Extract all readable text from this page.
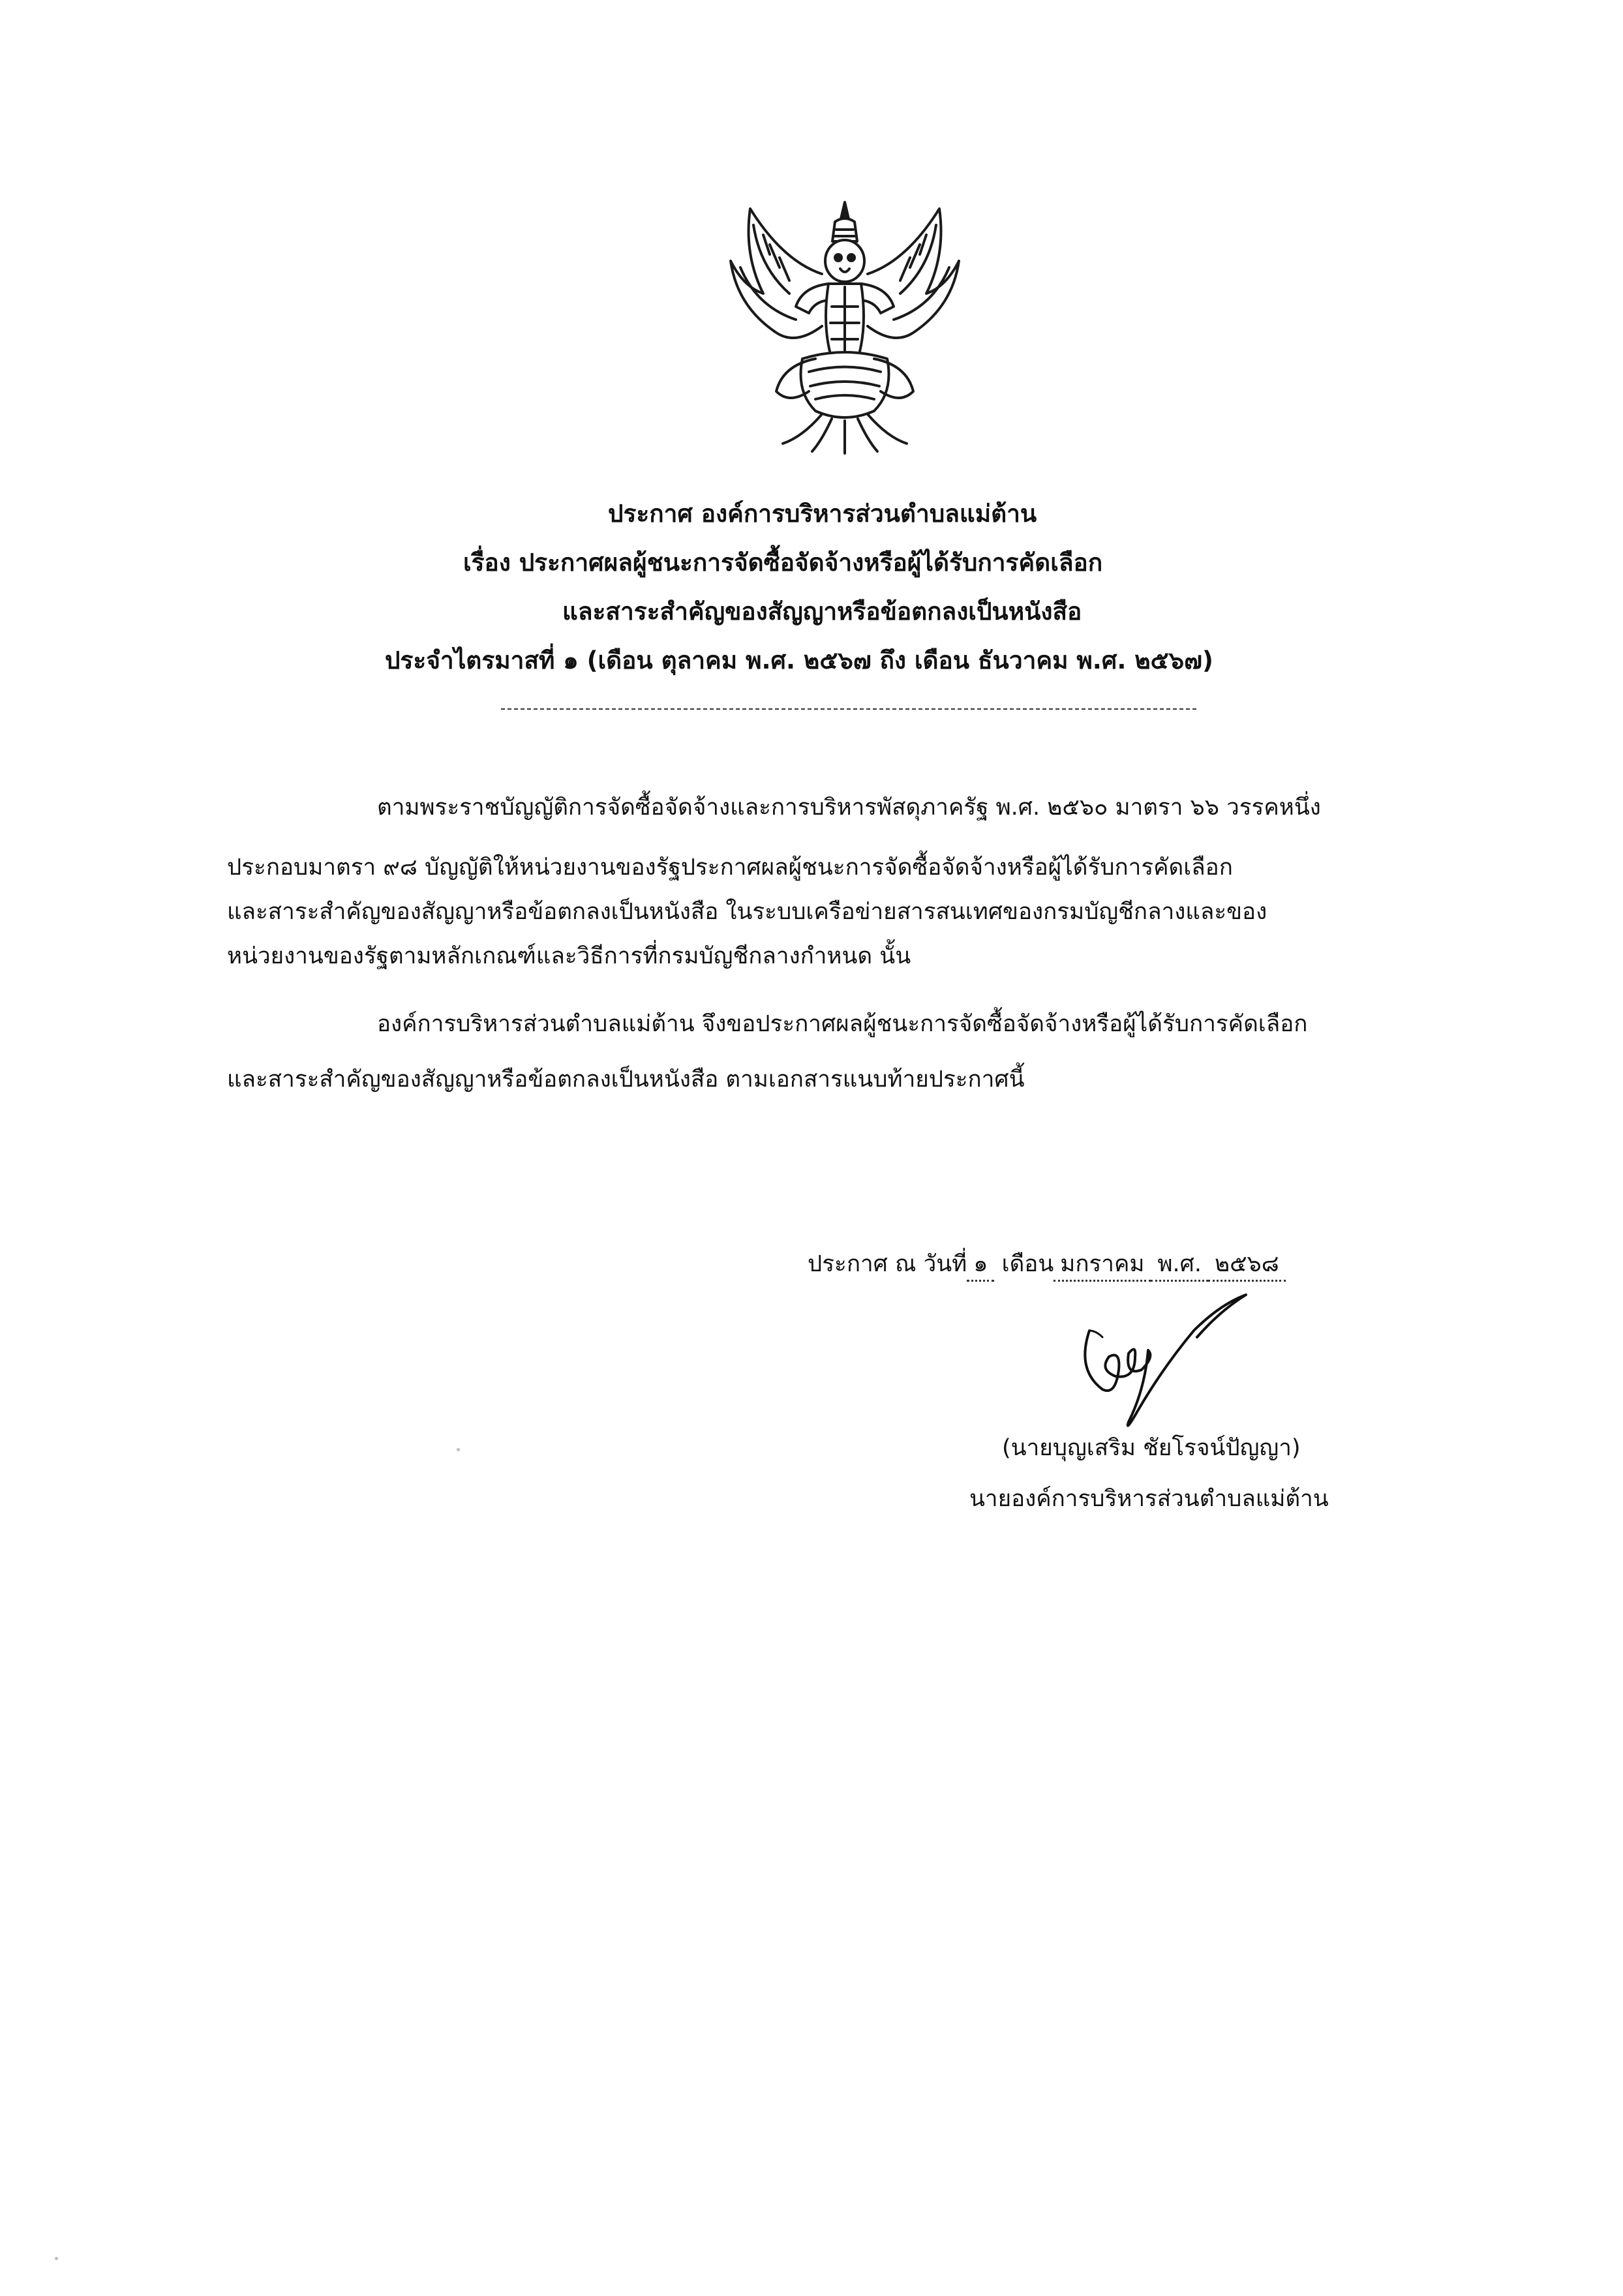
ประกาศ องค์การบริหารส่วนตำบลแม่ต้าน
เรื่อง ประกาศผลผู้ชนะการจัดซื้อจัดจ้างหรือผู้ได้รับการคัดเลือก
และสาระสำคัญของสัญญาหรือข้อตกลงเป็นหนังสือ
ประจำไตรมาสที่ ๑ (เดือน ตุลาคม พ.ศ. ๒๕๖๗ ถึง เดือน ธันวาคม พ.ศ. ๒๕๖๗)
ตามพระราชบัญญัติการจัดซื้อจัดจ้างและการบริหารพัสดุภาครัฐ พ.ศ. ๒๕๖๐ มาตรา ๖๖ วรรคหนึ่ง
ประกอบมาตรา ๙๘ บัญญัติให้หน่วยงานของรัฐประกาศผลผู้ชนะการจัดซื้อจัดจ้างหรือผู้ได้รับการคัดเลือก
และสาระสำคัญของสัญญาหรือข้อตกลงเป็นหนังสือ ในระบบเครือข่ายสารสนเทศของกรมบัญชีกลางและของ
หน่วยงานของรัฐตามหลักเกณฑ์และวิธีการที่กรมบัญชีกลางกำหนด นั้น
องค์การบริหารส่วนตำบลแม่ต้าน จึงขอประกาศผลผู้ชนะการจัดซื้อจัดจ้างหรือผู้ได้รับการคัดเลือก
และสาระสำคัญของสัญญาหรือข้อตกลงเป็นหนังสือ ตามเอกสารแนบท้ายประกาศนี้
ประกาศ ณ วันที่ ๑ เดือน มกราคม พ.ศ. ๒๕๖๘
(นายบุญเสริม ชัยโรจน์ปัญญา)
นายองค์การบริหารส่วนตำบลแม่ต้าน
